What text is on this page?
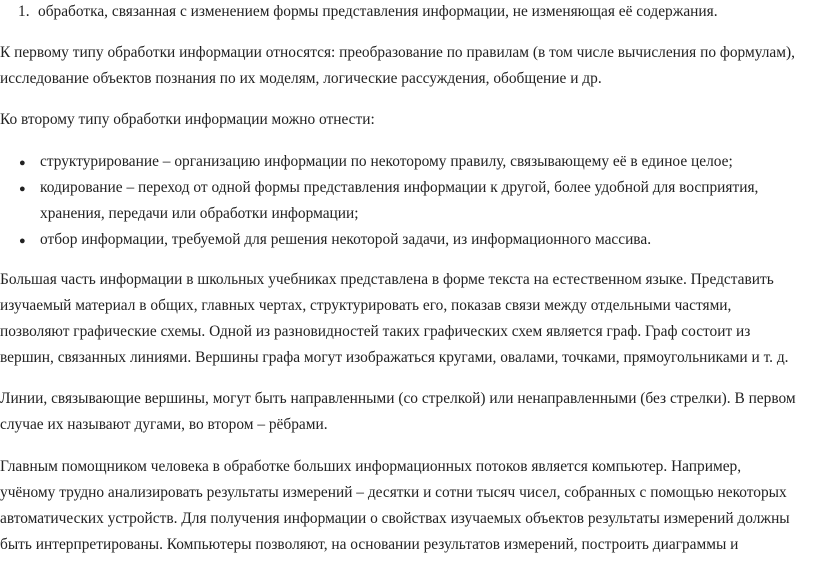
1. обработка, связанная с изменением формы представления информации, не изменяющая её содержания.
К первому типу обработки информации относятся: преобразование по правилам (в том числе вычисления по формулам),
исследование объектов познания по их моделям, логические рассуждения, обобщение и др.
Ко второму типу обработки информации можно отнести:
● структурирование – организацию информации по некоторому правилу, связывающему её в единое целое;
● кодирование – переход от одной формы представления информации к другой, более удобной для восприятия,
хранения, передачи или обработки информации;
● отбор информации, требуемой для решения некоторой задачи, из информационного массива.
Большая часть информации в школьных учебниках представлена в форме текста на естественном языке. Представить
изучаемый материал в общих, главных чертах, структурировать его, показав связи между отдельными частями,
позволяют графические схемы. Одной из разновидностей таких графических схем является граф. Граф состоит из
вершин, связанных линиями. Вершины графа могут изображаться кругами, овалами, точками, прямоугольниками и т. д.
Линии, связывающие вершины, могут быть направленными (со стрелкой) или ненаправленными (без стрелки). В первом
случае их называют дугами, во втором – рёбрами.
Главным помощником человека в обработке больших информационных потоков является компьютер. Например,
учёному трудно анализировать результаты измерений – десятки и сотни тысяч чисел, собранных с помощью некоторых
автоматических устройств. Для получения информации о свойствах изучаемых объектов результаты измерений должны
быть интерпретированы. Компьютеры позволяют, на основании результатов измерений, построить диаграммы и
